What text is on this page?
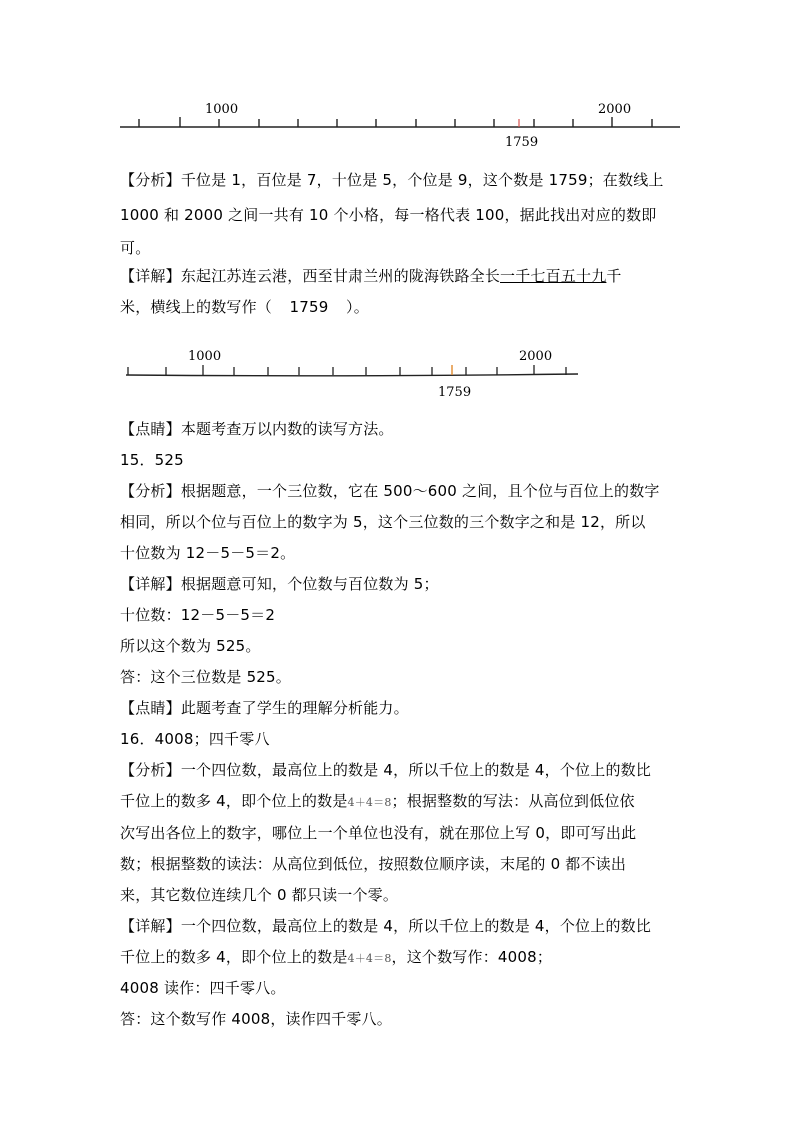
1000	2000
1759
【分析】千位是 1，百位是 7，十位是 5，个位是 9，这个数是 1759；在数线上
1000 和 2000 之间一共有 10 个小格，每一格代表 100，据此找出对应的数即
可。
【详解】东起江苏连云港，西至甘肃兰州的陇海铁路全长一千七百五十九千
米，横线上的数写作（ 1759 ）。
1000	2000
1759
【点睛】本题考查万以内数的读写方法。
15．525
【分析】根据题意，一个三位数，它在 500～600 之间，且个位与百位上的数字
相同，所以个位与百位上的数字为 5，这个三位数的三个数字之和是 12，所以
十位数为 12－5－5＝2。
【详解】根据题意可知，个位数与百位数为 5；
十位数：12－5－5＝2
所以这个数为 525。
答：这个三位数是 525。
【点睛】此题考查了学生的理解分析能力。
16．4008；四千零八
【分析】一个四位数，最高位上的数是 4，所以千位上的数是 4，个位上的数比
千位上的数多 4，即个位上的数是4＋4＝8；根据整数的写法：从高位到低位依
次写出各位上的数字，哪位上一个单位也没有，就在那位上写 0，即可写出此
数；根据整数的读法：从高位到低位，按照数位顺序读，末尾的 0 都不读出
来，其它数位连续几个 0 都只读一个零。
【详解】一个四位数，最高位上的数是 4，所以千位上的数是 4，个位上的数比
千位上的数多 4，即个位上的数是4＋4＝8，这个数写作：4008；
4008 读作：四千零八。
答：这个数写作 4008，读作四千零八。
